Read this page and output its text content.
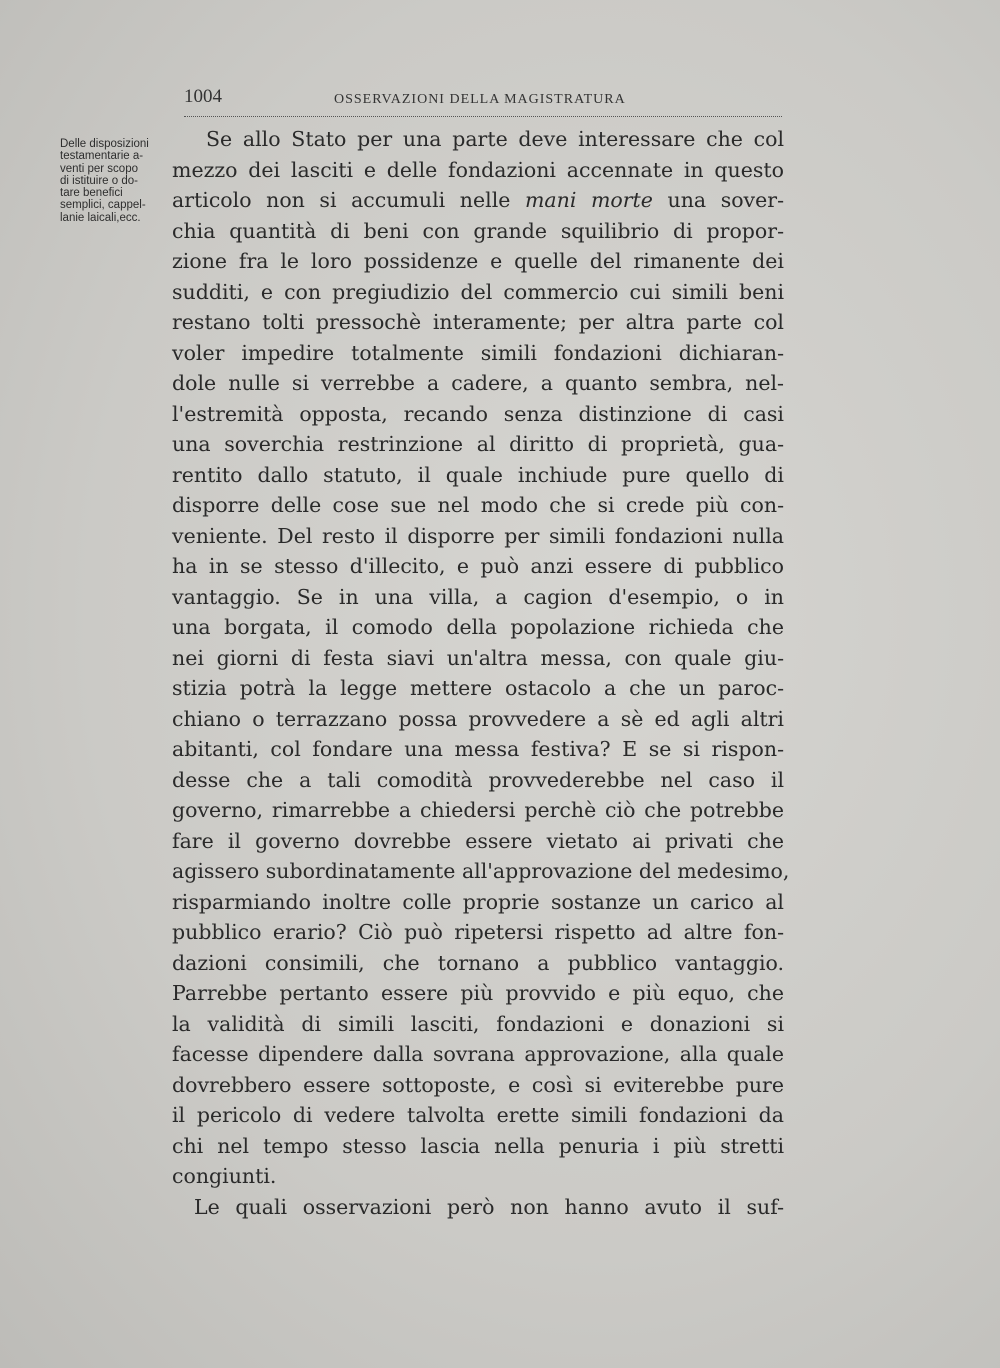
1004	OSSERVAZIONI DELLA MAGISTRATURA
Delle disposizioni
testamentarie a-
venti per scopo
di istituire o do-
tare benefici
semplici, cappel-
lanie laicali,ecc.
Se allo Stato per una parte deve interessare che col
mezzo dei lasciti e delle fondazioni accennate in questo
articolo non si accumuli nelle mani morte una sover-
chia quantità di beni con grande squilibrio di propor-
zione fra le loro possidenze e quelle del rimanente dei
sudditi, e con pregiudizio del commercio cui simili beni
restano tolti pressochè interamente; per altra parte col
voler impedire totalmente simili fondazioni dichiaran-
dole nulle si verrebbe a cadere, a quanto sembra, nel-
l'estremità opposta, recando senza distinzione di casi
una soverchia restrinzione al diritto di proprietà, gua-
rentito dallo statuto, il quale inchiude pure quello di
disporre delle cose sue nel modo che si crede più con-
veniente. Del resto il disporre per simili fondazioni nulla
ha in se stesso d'illecito, e può anzi essere di pubblico
vantaggio. Se in una villa, a cagion d'esempio, o in
una borgata, il comodo della popolazione richieda che
nei giorni di festa siavi un'altra messa, con quale giu-
stizia potrà la legge mettere ostacolo a che un paroc-
chiano o terrazzano possa provvedere a sè ed agli altri
abitanti, col fondare una messa festiva? E se si rispon-
desse che a tali comodità provvederebbe nel caso il
governo, rimarrebbe a chiedersi perchè ciò che potrebbe
fare il governo dovrebbe essere vietato ai privati che
agissero subordinatamente all'approvazione del medesimo,
risparmiando inoltre colle proprie sostanze un carico al
pubblico erario? Ciò può ripetersi rispetto ad altre fon-
dazioni consimili, che tornano a pubblico vantaggio.
Parrebbe pertanto essere più provvido e più equo, che
la validità di simili lasciti, fondazioni e donazioni si
facesse dipendere dalla sovrana approvazione, alla quale
dovrebbero essere sottoposte, e così si eviterebbe pure
il pericolo di vedere talvolta erette simili fondazioni da
chi nel tempo stesso lascia nella penuria i più stretti
congiunti.
Le quali osservazioni però non hanno avuto il suf-
